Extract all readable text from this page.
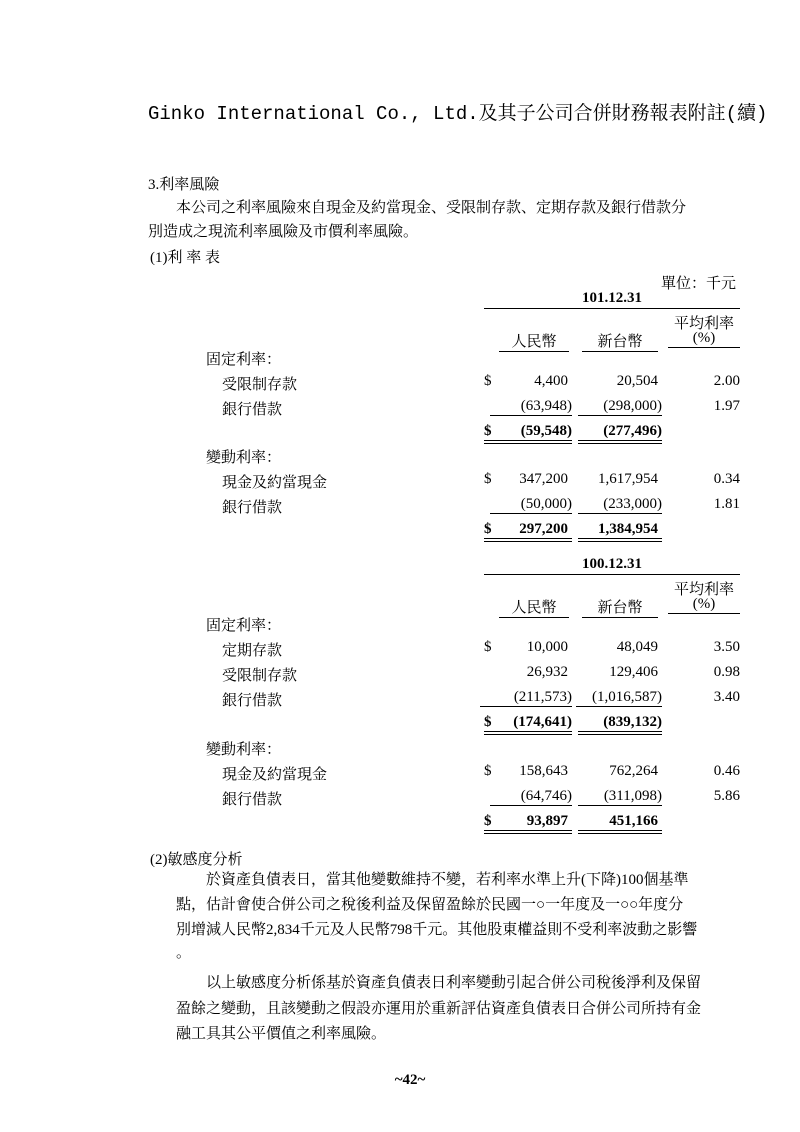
Ginko International Co., Ltd.及其子公司合併財務報表附註(續)
3.利率風險
本公司之利率風險來自現金及約當現金、受限制存款、定期存款及銀行借款分
別造成之現流利率風險及市價利率風險。
(1)利 率 表
單位：千元
101.12.31
平均利率
(%)
人民幣	新台幣
固定利率：
受限制存款	$	4,400	20,504	2.00
銀行借款	(63,948)	(298,000)	1.97
$	(59,548)	(277,496)
變動利率：
現金及約當現金	$	347,200	1,617,954	0.34
銀行借款	(50,000)	(233,000)	1.81
$	297,200	1,384,954
100.12.31
平均利率
(%)
人民幣	新台幣
固定利率：
定期存款	$	10,000	48,049	3.50
受限制存款	26,932	129,406	0.98
銀行借款	(211,573)	(1,016,587)	3.40
$	(174,641)	(839,132)
變動利率：
現金及約當現金	$	158,643	762,264	0.46
銀行借款	(64,746)	(311,098)	5.86
$	93,897	451,166
(2)敏感度分析
於資產負債表日，當其他變數維持不變，若利率水準上升(下降)100個基準
點，估計會使合併公司之稅後利益及保留盈餘於民國一○一年度及一○○年度分
別增減人民幣2,834千元及人民幣798千元。其他股東權益則不受利率波動之影響
。
以上敏感度分析係基於資產負債表日利率變動引起合併公司稅後淨利及保留
盈餘之變動，且該變動之假設亦運用於重新評估資產負債表日合併公司所持有金
融工具其公平價值之利率風險。
~42~
